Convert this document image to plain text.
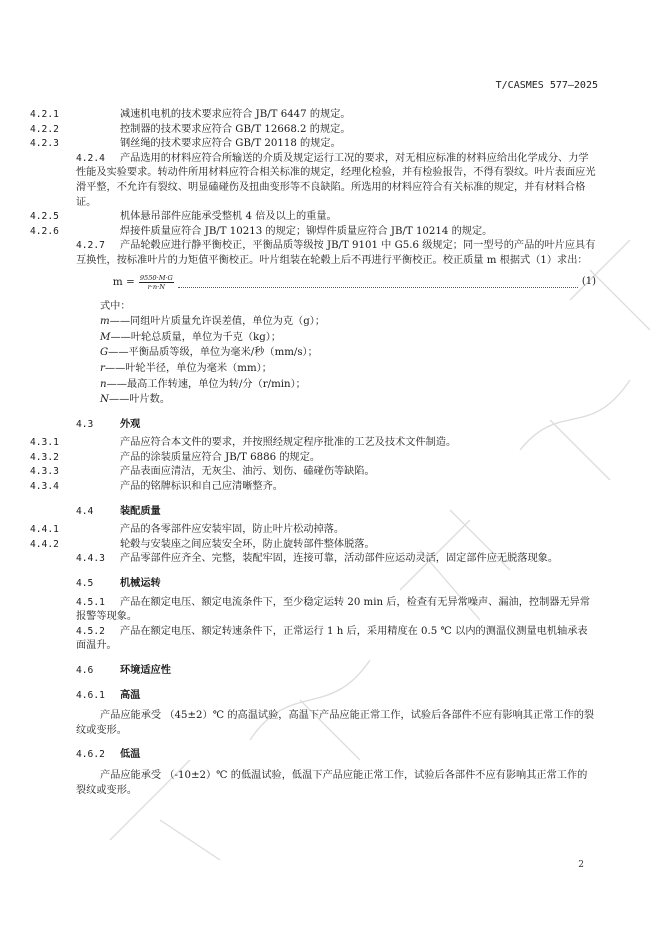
T/CASMES 577—2025
4.2.1	减速机电机的技术要求应符合 JB/T 6447 的规定。
4.2.2	控制器的技术要求应符合 GB/T 12668.2 的规定。
4.2.3	钢丝绳的技术要求应符合 GB/T 20118 的规定。
4.2.4 产品选用的材料应符合所输送的介质及规定运行工况的要求，对无相应标准的材料应给出化学成分、力学性能及实验要求。转动件所用材料应符合相关标准的规定，经理化检验，并有检验报告，不得有裂纹。叶片表面应光滑平整，不允许有裂纹、明显磕碰伤及扭曲变形等不良缺陷。所选用的材料应符合有关标准的规定，并有材料合格证。
4.2.5	机体悬吊部件应能承受整机 4 倍及以上的重量。
4.2.6	焊接件质量应符合 JB/T 10213 的规定；铆焊件质量应符合 JB/T 10214 的规定。
4.2.7 产品轮毂应进行静平衡校正，平衡品质等级按 JB/T 9101 中 G5.6 级规定；同一型号的产品的叶片应具有互换性，按标准叶片的力矩值平衡校正。叶片组装在轮毂上后不再进行平衡校正。校正质量 m 根据式（1）求出：
$m = \frac{9550\cdot M\cdot G}{r\cdot n\cdot N}$	(1)
式中：
m——同组叶片质量允许误差值，单位为克（g）；
M——叶轮总质量，单位为千克（kg）；
G——平衡品质等级，单位为毫米/秒（mm/s）；
r——叶轮半径，单位为毫米（mm）；
n——最高工作转速，单位为转/分（r/min）；
N——叶片数。
4.3	外观
4.3.1	产品应符合本文件的要求，并按照经规定程序批准的工艺及技术文件制造。
4.3.2	产品的涂装质量应符合 JB/T 6886 的规定。
4.3.3	产品表面应清洁，无灰尘、油污、划伤、磕碰伤等缺陷。
4.3.4	产品的铭牌标识和自己应清晰整齐。
4.4	装配质量
4.4.1	产品的各零部件应安装牢固，防止叶片松动掉落。
4.4.2	轮毂与安装座之间应装安全环，防止旋转部件整体脱落。
4.4.3 产品零部件应齐全、完整，装配牢固，连接可靠，活动部件应运动灵活，固定部件应无脱落现象。
4.5	机械运转
4.5.1 产品在额定电压、额定电流条件下，至少稳定运转 20 min 后，检查有无异常噪声、漏油，控制器无异常报警等现象。
4.5.2 产品在额定电压、额定转速条件下，正常运行 1 h 后，采用精度在 0.5 ℃ 以内的测温仪测量电机轴承表面温升。
4.6	环境适应性
4.6.1 高温
产品应能承受 （45±2）℃ 的高温试验，高温下产品应能正常工作，试验后各部件不应有影响其正常工作的裂纹或变形。
4.6.2 低温
产品应能承受 （-10±2）℃ 的低温试验，低温下产品应能正常工作，试验后各部件不应有影响其正常工作的裂纹或变形。
2
